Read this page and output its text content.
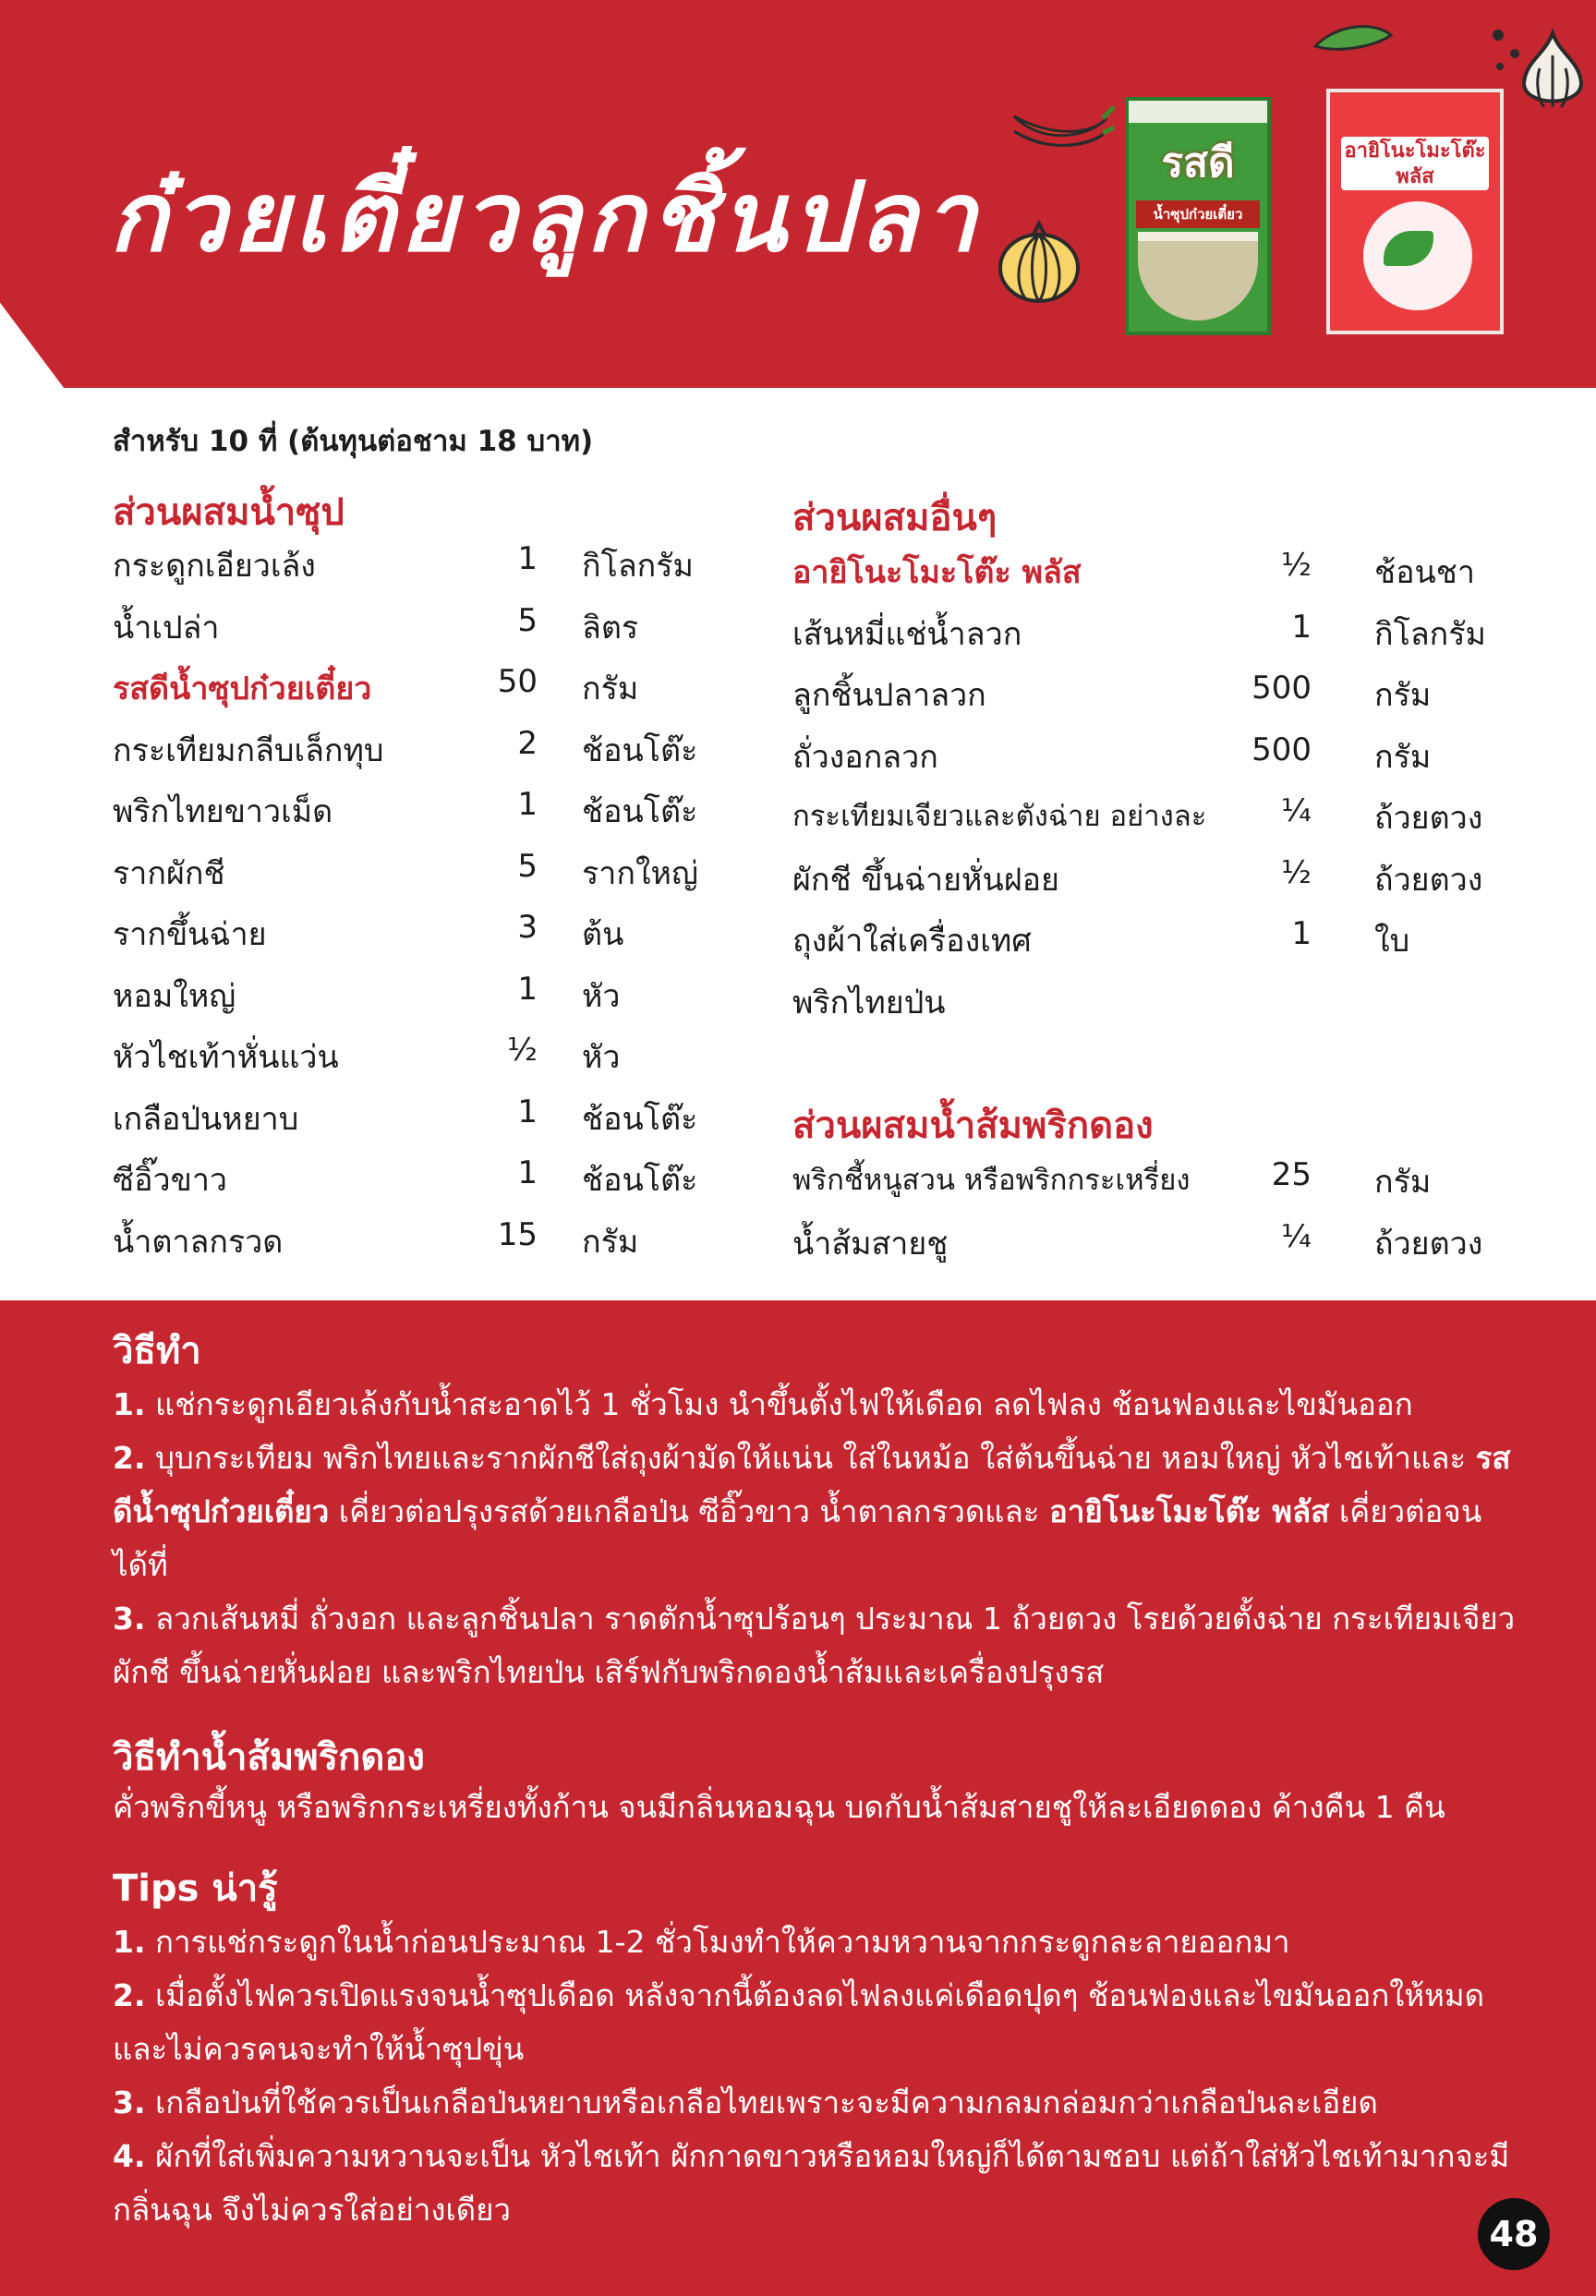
ก๋วยเตี๋ยวลูกชิ้นปลา	รสดี
น้ำซุปก๋วยเตี๋ยว
อายิโนะโมะโต๊ะ
พลัส
สำหรับ 10 ที่ (ต้นทุนต่อชาม 18 บาท)
ส่วนผสมน้ำซุป
กระดูกเอียวเล้ง	1 กิโลกรัม
น้ำเปล่า	5 ลิตร
รสดีน้ำซุปก๋วยเตี๋ยว	50 กรัม
กระเทียมกลีบเล็กทุบ	2 ช้อนโต๊ะ
พริกไทยขาวเม็ด	1 ช้อนโต๊ะ
รากผักชี	5 รากใหญ่
รากขึ้นฉ่าย	3 ต้น
หอมใหญ่	1 หัว
หัวไชเท้าหั่นแว่น	½ หัว
เกลือป่นหยาบ	1 ช้อนโต๊ะ
ซีอิ๊วขาว	1 ช้อนโต๊ะ
น้ำตาลกรวด	15 กรัม
ส่วนผสมอื่นๆ
อายิโนะโมะโต๊ะ พลัส	½ ช้อนชา
เส้นหมี่แช่น้ำลวก	1 กิโลกรัม
ลูกชิ้นปลาลวก	500 กรัม
ถั่วงอกลวก	500 กรัม
กระเทียมเจียวและตังฉ่าย อย่างละ	¼ ถ้วยตวง
ผักชี ขึ้นฉ่ายหั่นฝอย	½ ถ้วยตวง
ถุงผ้าใส่เครื่องเทศ	1 ใบ
พริกไทยป่น
ส่วนผสมน้ำส้มพริกดอง
พริกชี้หนูสวน หรือพริกกระเหรี่ยง	25 กรัม
น้ำส้มสายชู	¼ ถ้วยตวง
วิธีทำ

1. แช่กระดูกเอียวเล้งกับน้ำสะอาดไว้ 1 ชั่วโมง นำขึ้นตั้งไฟให้เดือด ลดไฟลง ช้อนฟองและไขมันออก

2. บุบกระเทียม พริกไทยและรากผักชีใส่ถุงผ้ามัดให้แน่น ใส่ในหม้อ ใส่ต้นขึ้นฉ่าย หอมใหญ่ หัวไชเท้าและ รสดีน้ำซุปก๋วยเตี๋ยว เคี่ยวต่อปรุงรสด้วยเกลือป่น ซีอิ๊วขาว น้ำตาลกรวดและ อายิโนะโมะโต๊ะ พลัส เคี่ยวต่อจนได้ที่

3. ลวกเส้นหมี่ ถั่วงอก และลูกชิ้นปลา ราดตักน้ำซุปร้อนๆ ประมาณ 1 ถ้วยตวง โรยด้วยตั้งฉ่าย กระเทียมเจียว ผักชี ขึ้นฉ่ายหั่นฝอย และพริกไทยป่น เสิร์ฟกับพริกดองน้ำส้มและเครื่องปรุงรส

วิธีทำน้ำส้มพริกดอง
คั่วพริกขี้หนู หรือพริกกระเหรี่ยงทั้งก้าน จนมีกลิ่นหอมฉุน บดกับน้ำส้มสายชูให้ละเอียดดอง ค้างคืน 1 คืน
Tips น่ารู้

1. การแช่กระดูกในน้ำก่อนประมาณ 1-2 ชั่วโมงทำให้ความหวานจากกระดูกละลายออกมา

2. เมื่อตั้งไฟควรเปิดแรงจนน้ำซุปเดือด หลังจากนี้ต้องลดไฟลงแค่เดือดปุดๆ ช้อนฟองและไขมันออกให้หมดและไม่ควรคนจะทำให้น้ำซุปขุ่น

3. เกลือป่นที่ใช้ควรเป็นเกลือป่นหยาบหรือเกลือไทยเพราะจะมีความกลมกล่อมกว่าเกลือป่นละเอียด

4. ผักที่ใส่เพิ่มความหวานจะเป็น หัวไชเท้า ผักกาดขาวหรือหอมใหญ่ก็ได้ตามชอบ แต่ถ้าใส่หัวไชเท้ามากจะมีกลิ่นฉุน จึงไม่ควรใส่อย่างเดียว

48
